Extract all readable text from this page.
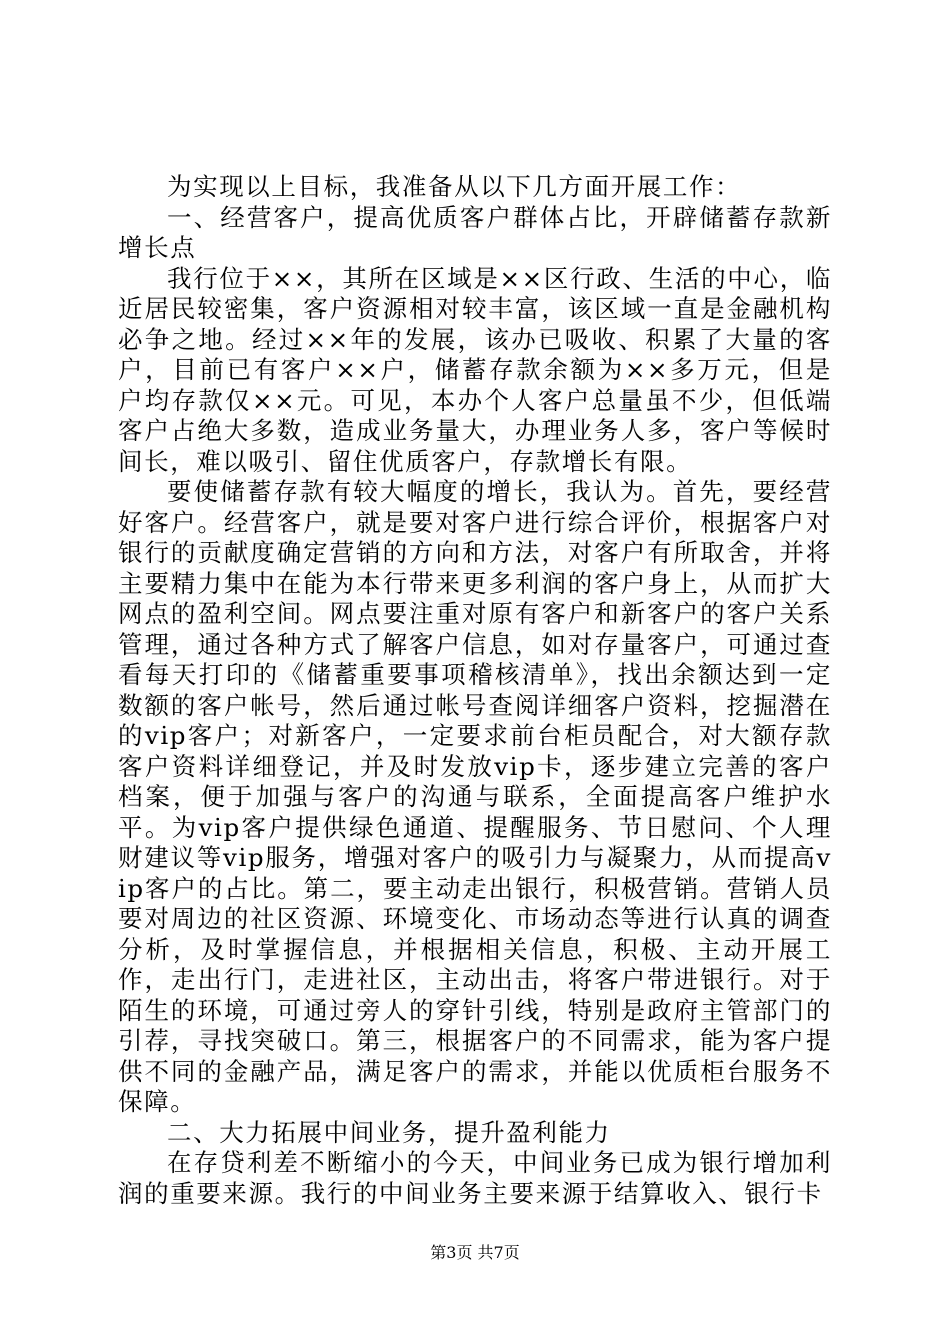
为实现以上目标，我准备从以下几方面开展工作：

一、经营客户，提高优质客户群体占比，开辟储蓄存款新增长点

我行位于××，其所在区域是××区行政、生活的中心，临近居民较密集，客户资源相对较丰富，该区域一直是金融机构必争之地。经过××年的发展，该办已吸收、积累了大量的客户，目前已有客户××户，储蓄存款余额为××多万元，但是户均存款仅××元。可见，本办个人客户总量虽不少，但低端客户占绝大多数，造成业务量大，办理业务人多，客户等候时间长，难以吸引、留住优质客户，存款增长有限。

要使储蓄存款有较大幅度的增长，我认为。首先，要经营好客户。经营客户，就是要对客户进行综合评价，根据客户对银行的贡献度确定营销的方向和方法，对客户有所取舍，并将主要精力集中在能为本行带来更多利润的客户身上，从而扩大网点的盈利空间。网点要注重对原有客户和新客户的客户关系管理，通过各种方式了解客户信息，如对存量客户，可通过查看每天打印的《储蓄重要事项稽核清单》，找出余额达到一定数额的客户帐号，然后通过帐号查阅详细客户资料，挖掘潜在的vip客户；对新客户，一定要求前台柜员配合，对大额存款客户资料详细登记，并及时发放vip卡，逐步建立完善的客户档案，便于加强与客户的沟通与联系，全面提高客户维护水平。为vip客户提供绿色通道、提醒服务、节日慰问、个人理财建议等vip服务，增强对客户的吸引力与凝聚力，从而提高vip客户的占比。第二，要主动走出银行，积极营销。营销人员要对周边的社区资源、环境变化、市场动态等进行认真的调查分析，及时掌握信息，并根据相关信息，积极、主动开展工作，走出行门，走进社区，主动出击，将客户带进银行。对于陌生的环境，可通过旁人的穿针引线，特别是政府主管部门的引荐，寻找突破口。第三，根据客户的不同需求，能为客户提供不同的金融产品，满足客户的需求，并能以优质柜台服务不保障。

二、大力拓展中间业务，提升盈利能力

在存贷利差不断缩小的今天，中间业务已成为银行增加利润的重要来源。我行的中间业务主要来源于结算收入、银行卡

第3页 共7页
